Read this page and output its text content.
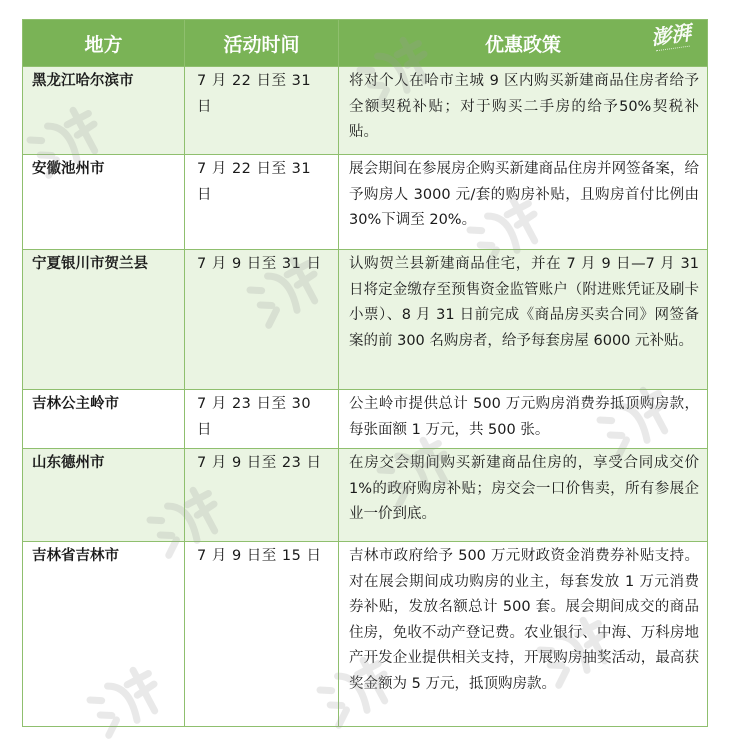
地方	活动时间	优惠政策
黑龙江哈尔滨市	7 月 22 日至 31 日	将对个人在哈市主城 9 区内购买新建商品住房者给予全额契税补贴；对于购买二手房的给予50%契税补贴。
安徽池州市	7 月 22 日至 31 日	展会期间在参展房企购买新建商品住房并网签备案，给予购房人 3000 元/套的购房补贴，且购房首付比例由 30%下调至 20%。
宁夏银川市贺兰县	7 月 9 日至 31 日	认购贺兰县新建商品住宅，并在 7 月 9 日—7 月 31 日将定金缴存至预售资金监管账户（附进账凭证及刷卡小票）、8 月 31 日前完成《商品房买卖合同》网签备案的前 300 名购房者，给予每套房屋 6000 元补贴。
吉林公主岭市	7 月 23 日至 30 日	公主岭市提供总计 500 万元购房消费券抵顶购房款，每张面额 1 万元，共 500 张。
山东德州市	7 月 9 日至 23 日	在房交会期间购买新建商品住房的，享受合同成交价 1%的政府购房补贴；房交会一口价售卖，所有参展企业一价到底。
吉林省吉林市	7 月 9 日至 15 日	吉林市政府给予 500 万元财政资金消费券补贴支持。对在展会期间成功购房的业主，每套发放 1 万元消费券补贴，发放名额总计 500 套。展会期间成交的商品住房，免收不动产登记费。农业银行、中海、万科房地产开发企业提供相关支持，开展购房抽奖活动，最高获奖金额为 5 万元，抵顶购房款。
澎湃
